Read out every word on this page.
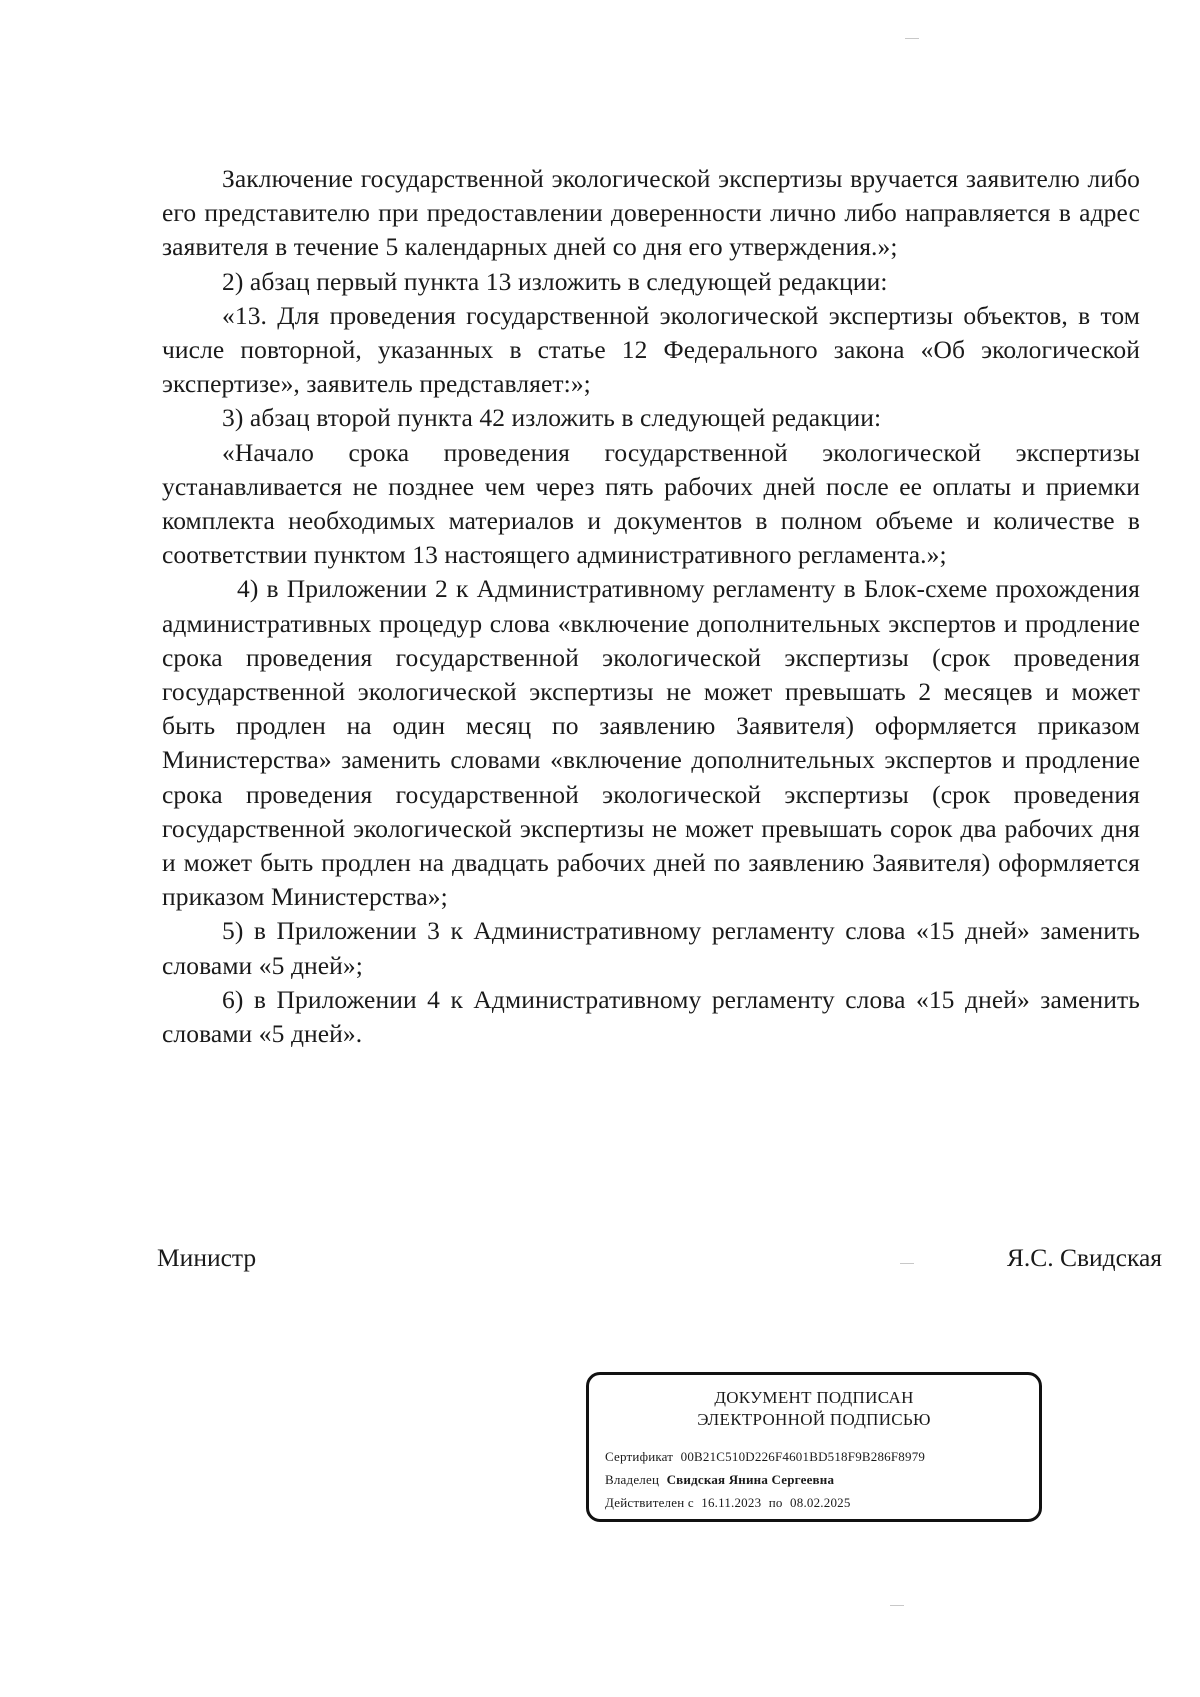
Заключение государственной экологической экспертизы вручается заявителю либо его представителю при предоставлении доверенности лично либо направляется в адрес заявителя в течение 5 календарных дней со дня его утверждения.»;

2) абзац первый пункта 13 изложить в следующей редакции:

«13. Для проведения государственной экологической экспертизы объектов, в том числе повторной, указанных в статье 12 Федерального закона «Об экологической экспертизе», заявитель представляет:»;

3) абзац второй пункта 42 изложить в следующей редакции:

«Начало срока проведения государственной экологической экспертизы устанавливается не позднее чем через пять рабочих дней после ее оплаты и приемки комплекта необходимых материалов и документов в полном объеме и количестве в соответствии пунктом 13 настоящего административного регламента.»;

4) в Приложении 2 к Административному регламенту в Блок-схеме прохождения административных процедур слова «включение дополнительных экспертов и продление срока проведения государственной экологической экспертизы (срок проведения государственной экологической экспертизы не может превышать 2 месяцев и может быть продлен на один месяц по заявлению Заявителя) оформляется приказом Министерства» заменить словами «включение дополнительных экспертов и продление срока проведения государственной экологической экспертизы (срок проведения государственной экологической экспертизы не может превышать сорок два рабочих дня и может быть продлен на двадцать рабочих дней по заявлению Заявителя) оформляется приказом Министерства»;

5) в Приложении 3 к Административному регламенту слова «15 дней» заменить словами «5 дней»;

6) в Приложении 4 к Административному регламенту слова «15 дней» заменить словами «5 дней».

Министр	Я.С. Свидская
ДОКУМЕНТ ПОДПИСАН
ЭЛЕКТРОННОЙ ПОДПИСЬЮ
Сертификат 00B21C510D226F4601BD518F9B286F8979
Владелец Свидская Янина Сергеевна
Действителен с 16.11.2023 по 08.02.2025
